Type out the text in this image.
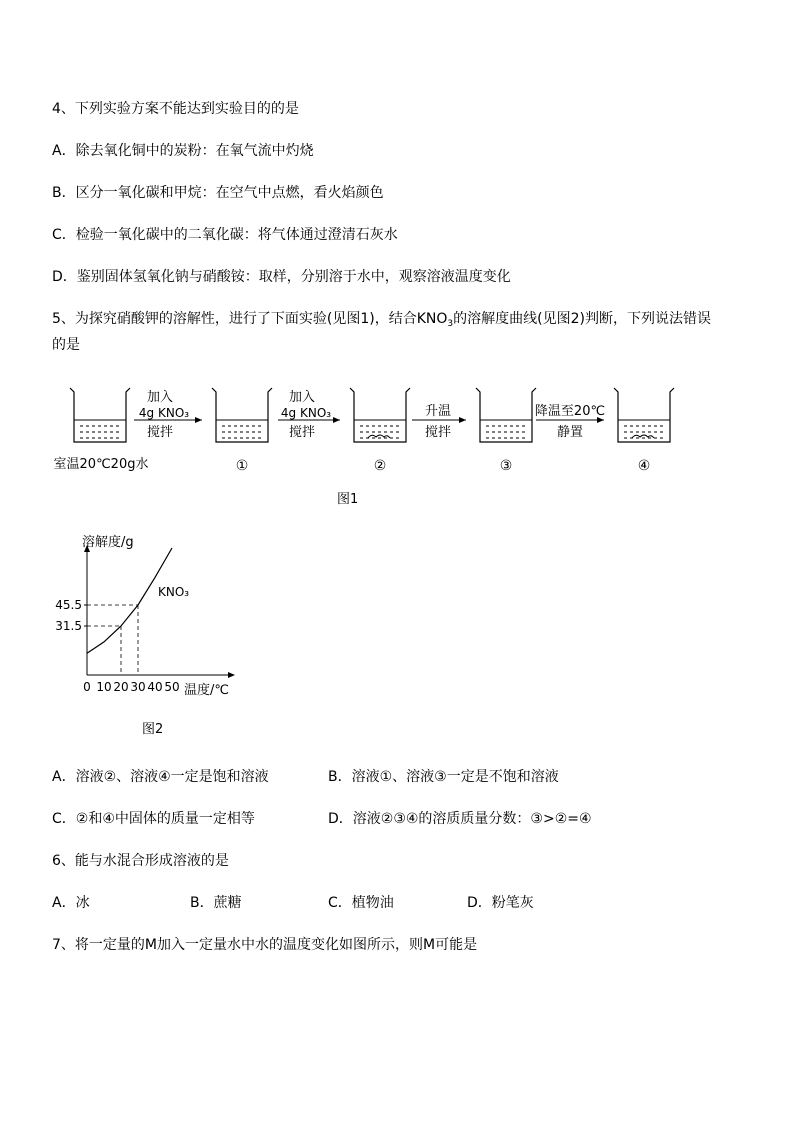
4、下列实验方案不能达到实验目的的是
A．除去氧化铜中的炭粉：在氧气流中灼烧
B．区分一氧化碳和甲烷：在空气中点燃，看火焰颜色
C．检验一氧化碳中的二氧化碳：将气体通过澄清石灰水
D．鉴别固体氢氧化钠与硝酸铵：取样，分别溶于水中，观察溶液温度变化
5、为探究硝酸钾的溶解性，进行了下面实验(见图1)，结合$KNO_3$的溶解度曲线(见图2)判断，下列说法错误
的是
加入
4g KNO₃
搅拌
加入
4g KNO₃
搅拌
升温
搅拌
降温至20℃
静置
室温20℃20g水	①	②	③	④
图1
溶解度/g
温度/℃
KNO₃
31.5
45.5
0 10 20 30 40 50
图2
A．溶液②、溶液④一定是饱和溶液	B．溶液①、溶液③一定是不饱和溶液
C．②和④中固体的质量一定相等	D．溶液②③④的溶质质量分数：③>②=④
6、能与水混合形成溶液的是
A．冰	B．蔗糖	C．植物油	D．粉笔灰
7、将一定量的M加入一定量水中水的温度变化如图所示，则M可能是
